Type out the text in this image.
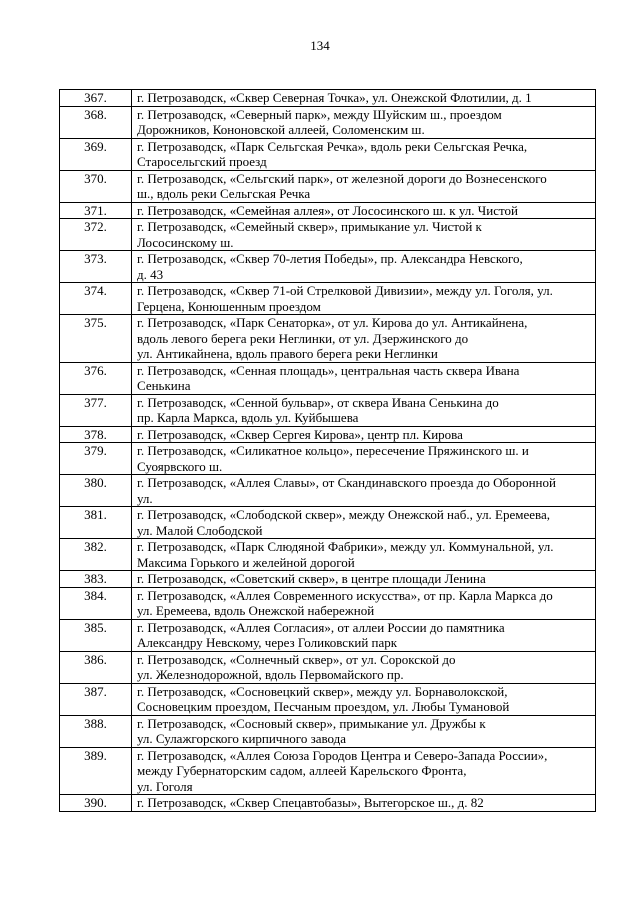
134
367.	г. Петрозаводск, «Сквер Северная Точка», ул. Онежской Флотилии, д. 1
368.	г. Петрозаводск, «Северный парк», между Шуйским ш., проездом
Дорожников, Кононовской аллеей, Соломенским ш.
369.	г. Петрозаводск, «Парк Сельгская Речка», вдоль реки Сельгская Речка,
Старосельгский проезд
370.	г. Петрозаводск, «Сельгский парк», от железной дороги до Вознесенского
ш., вдоль реки Сельгская Речка
371.	г. Петрозаводск, «Семейная аллея», от Лососинского ш. к ул. Чистой
372.	г. Петрозаводск, «Семейный сквер», примыкание ул. Чистой к
Лососинскому ш.
373.	г. Петрозаводск, «Сквер 70-летия Победы», пр. Александра Невского,
д. 43
374.	г. Петрозаводск, «Сквер 71-ой Стрелковой Дивизии», между ул. Гоголя, ул.
Герцена, Конюшенным проездом
375.	г. Петрозаводск, «Парк Сенаторка», от ул. Кирова до ул. Антикайнена,
вдоль левого берега реки Неглинки, от ул. Дзержинского до
ул. Антикайнена, вдоль правого берега реки Неглинки
376.	г. Петрозаводск, «Сенная площадь», центральная часть сквера Ивана
Сенькина
377.	г. Петрозаводск, «Сенной бульвар», от сквера Ивана Сенькина до
пр. Карла Маркса, вдоль ул. Куйбышева
378.	г. Петрозаводск, «Сквер Сергея Кирова», центр пл. Кирова
379.	г. Петрозаводск, «Силикатное кольцо», пересечение Пряжинского ш. и
Суоярвского ш.
380.	г. Петрозаводск, «Аллея Славы», от Скандинавского проезда до Оборонной
ул.
381.	г. Петрозаводск, «Слободской сквер», между Онежской наб., ул. Еремеева,
ул. Малой Слободской
382.	г. Петрозаводск, «Парк Слюдяной Фабрики», между ул. Коммунальной, ул.
Максима Горького и желейной дорогой
383.	г. Петрозаводск, «Советский сквер», в центре площади Ленина
384.	г. Петрозаводск, «Аллея Современного искусства», от пр. Карла Маркса до
ул. Еремеева, вдоль Онежской набережной
385.	г. Петрозаводск, «Аллея Согласия», от аллеи России до памятника
Александру Невскому, через Голиковский парк
386.	г. Петрозаводск, «Солнечный сквер», от ул. Сорокской до
ул. Железнодорожной, вдоль Первомайского пр.
387.	г. Петрозаводск, «Сосновецкий сквер», между ул. Борнаволокской,
Сосновецким проездом, Песчаным проездом, ул. Любы Тумановой
388.	г. Петрозаводск, «Сосновый сквер», примыкание ул. Дружбы к
ул. Сулажгорского кирпичного завода
389.	г. Петрозаводск, «Аллея Союза Городов Центра и Северо-Запада России»,
между Губернаторским садом, аллеей Карельского Фронта,
ул. Гоголя
390.	г. Петрозаводск, «Сквер Спецавтобазы», Вытегорское ш., д. 82
